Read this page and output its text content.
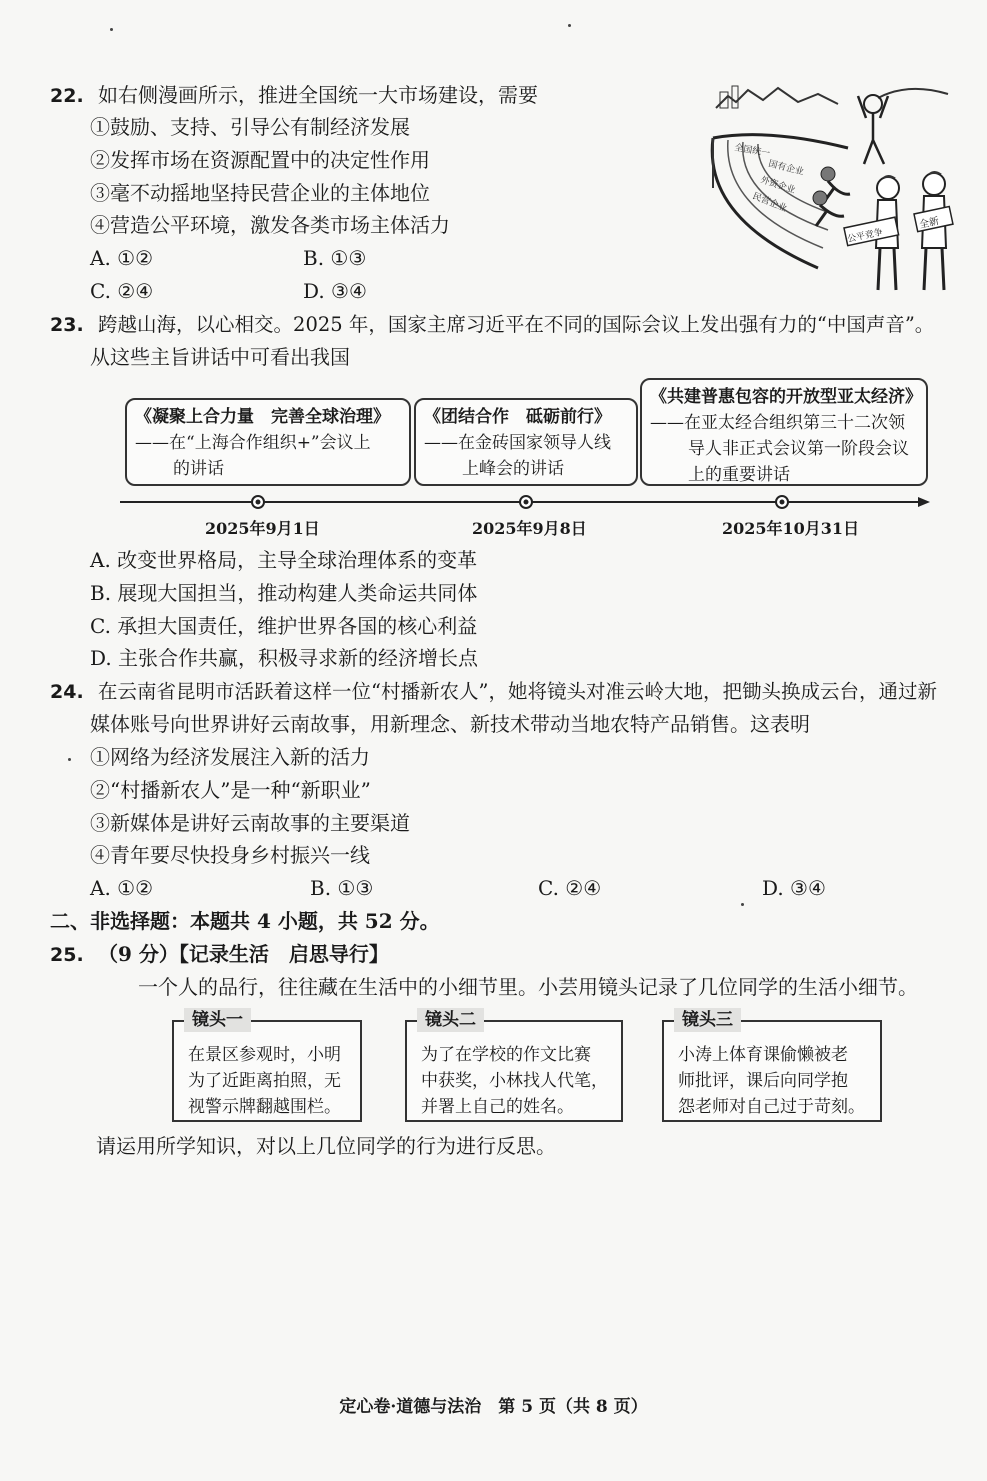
22. 如右侧漫画所示，推进全国统一大市场建设，需要
①鼓励、支持、引导公有制经济发展
②发挥市场在资源配置中的决定性作用
③毫不动摇地坚持民营企业的主体地位
④营造公平环境，激发各类市场主体活力
A. ①②	B. ①③
C. ②④	D. ③④
全国统一
国有企业
外资企业
民营企业
公平竞争
全新
23. 跨越山海，以心相交。2025 年，国家主席习近平在不同的国际会议上发出强有力的“中国声音”。
从这些主旨讲话中可看出我国
《凝聚上合力量　完善全球治理》
——在“上海合作组织+”会议上
的讲话
《团结合作　砥砺前行》
——在金砖国家领导人线
上峰会的讲话
《共建普惠包容的开放型亚太经济》
——在亚太经合组织第三十二次领
导人非正式会议第一阶段会议
上的重要讲话
2025年9月1日	2025年9月8日	2025年10月31日
A. 改变世界格局，主导全球治理体系的变革
B. 展现大国担当，推动构建人类命运共同体
C. 承担大国责任，维护世界各国的核心利益
D. 主张合作共赢，积极寻求新的经济增长点
24. 在云南省昆明市活跃着这样一位“村播新农人”，她将镜头对准云岭大地，把锄头换成云台，通过新
媒体账号向世界讲好云南故事，用新理念、新技术带动当地农特产品销售。这表明
①网络为经济发展注入新的活力
②“村播新农人”是一种“新职业”
③新媒体是讲好云南故事的主要渠道
④青年要尽快投身乡村振兴一线
A. ①②	B. ①③	C. ②④	D. ③④
二、非选择题：本题共 4 小题，共 52 分。
25. （9 分）【记录生活　启思导行】
一个人的品行，往往藏在生活中的小细节里。小芸用镜头记录了几位同学的生活小细节。
镜头一
在景区参观时，小明
为了近距离拍照，无
视警示牌翻越围栏。
镜头二
为了在学校的作文比赛
中获奖，小林找人代笔，
并署上自己的姓名。
镜头三
小涛上体育课偷懒被老
师批评，课后向同学抱
怨老师对自己过于苛刻。
请运用所学知识，对以上几位同学的行为进行反思。
定心卷·道德与法治　第 5 页（共 8 页）
